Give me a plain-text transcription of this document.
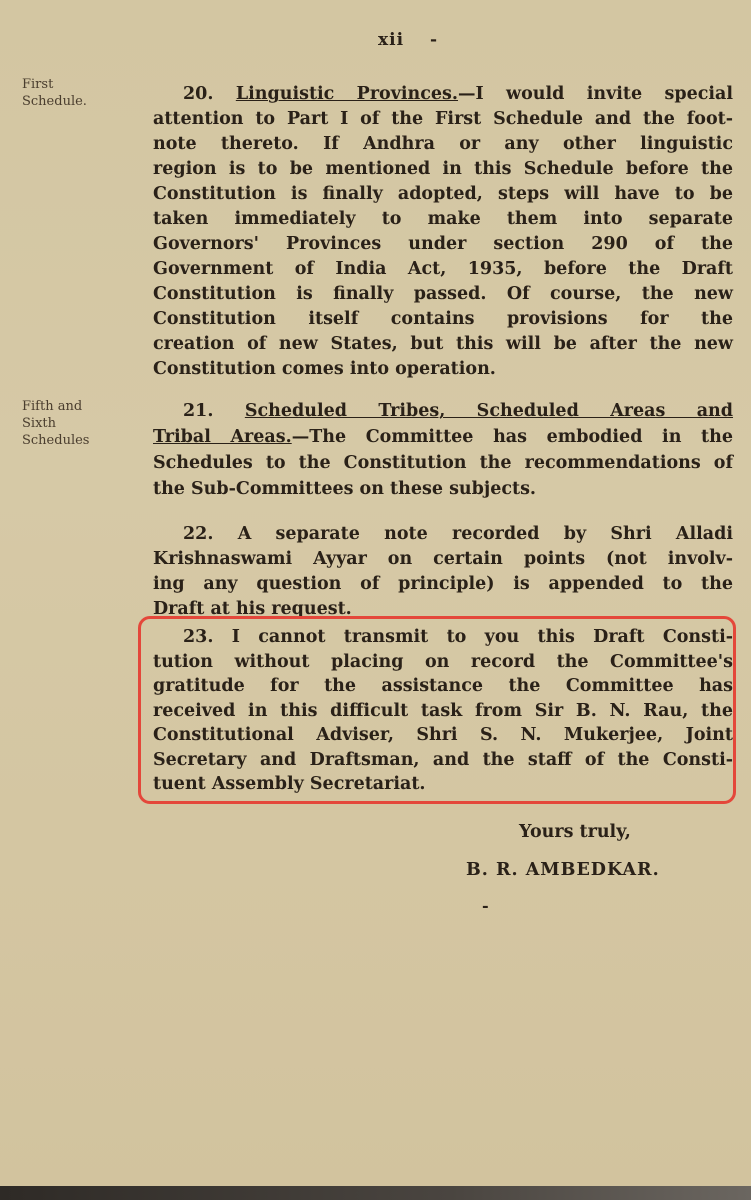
xii -
First
Schedule.	20. Linguistic Provinces.—I would invite special
attention to Part I of the First Schedule and the foot-
note thereto. If Andhra or any other linguistic
region is to be mentioned in this Schedule before the
Constitution is finally adopted, steps will have to be
taken immediately to make them into separate
Governors' Provinces under section 290 of the
Government of India Act, 1935, before the Draft
Constitution is finally passed. Of course, the new
Constitution itself contains provisions for the
creation of new States, but this will be after the new
Constitution comes into operation.
Fifth and
Sixth
Schedules
21. Scheduled Tribes, Scheduled Areas and
Tribal Areas.—The Committee has embodied in the
Schedules to the Constitution the recommendations of
the Sub-Committees on these subjects.
22. A separate note recorded by Shri Alladi
Krishnaswami Ayyar on certain points (not involv-
ing any question of principle) is appended to the
Draft at his request.
23. I cannot transmit to you this Draft Consti-
tution without placing on record the Committee's
gratitude for the assistance the Committee has
received in this difficult task from Sir B. N. Rau, the
Constitutional Adviser, Shri S. N. Mukerjee, Joint
Secretary and Draftsman, and the staff of the Consti-
tuent Assembly Secretariat.
Yours truly,
B. R. AMBEDKAR.
-
